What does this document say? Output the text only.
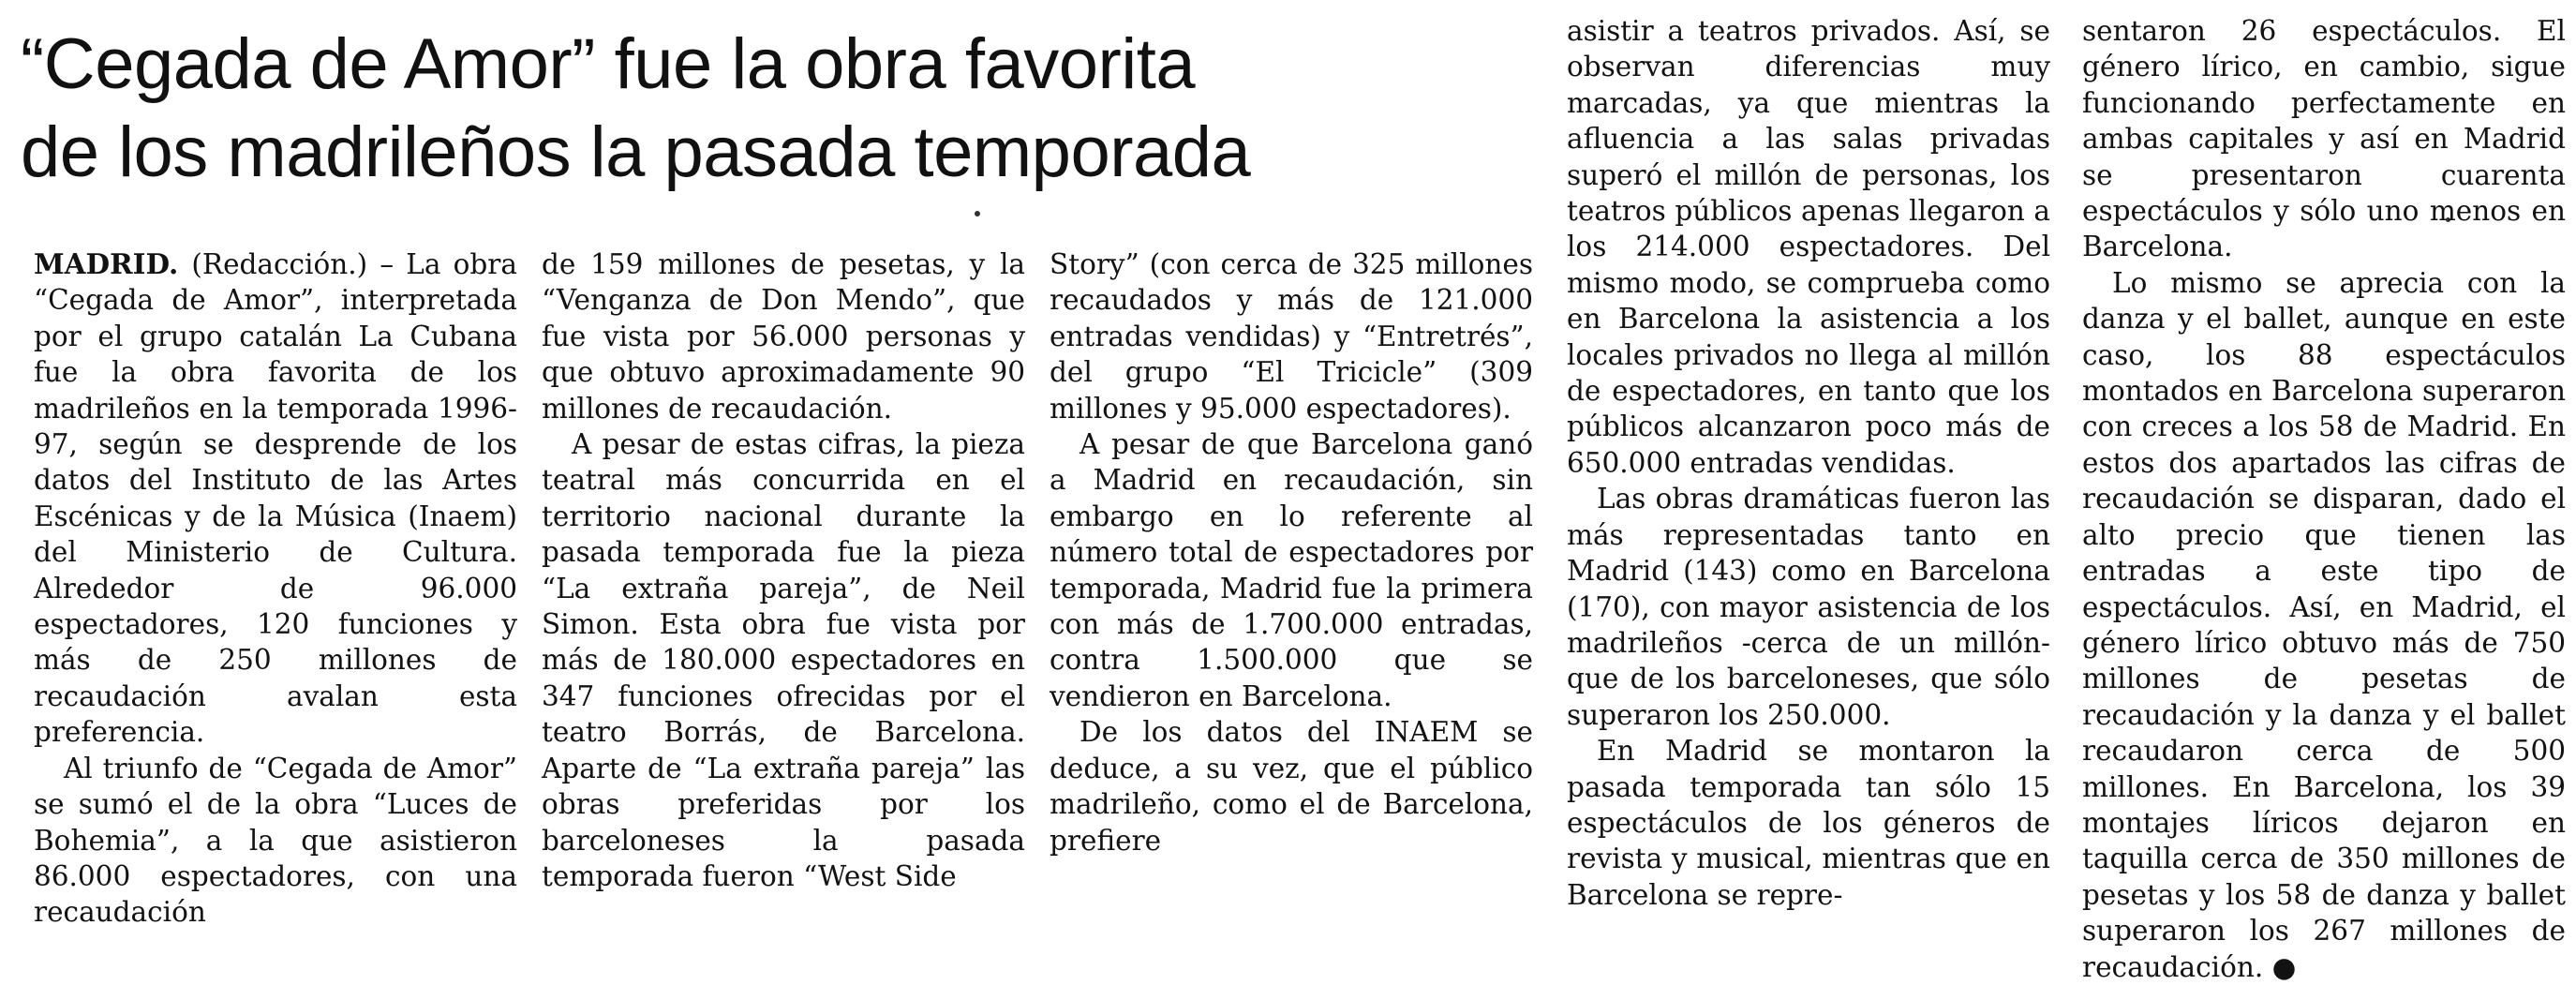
“Cegada de Amor” fue la obra favorita
de los madrileños la pasada temporada

MADRID. (Redacción.) – La obra “Cegada de Amor”, interpretada por el grupo catalán La Cubana fue la obra favorita de los madrileños en la temporada 1996-97, según se desprende de los datos del Instituto de las Artes Escénicas y de la Música (Inaem) del Ministerio de Cultura. Alrededor de 96.000 espectadores, 120 funciones y más de 250 millones de recaudación avalan esta preferencia.

Al triunfo de “Cegada de Amor” se sumó el de la obra “Luces de Bohemia”, a la que asistieron 86.000 espectadores, con una recaudación

de 159 millones de pesetas, y la “Venganza de Don Mendo”, que fue vista por 56.000 personas y que obtuvo aproximadamente 90 millones de recaudación.

A pesar de estas cifras, la pieza teatral más concurrida en el territorio nacional durante la pasada temporada fue la pieza “La extraña pareja”, de Neil Simon. Esta obra fue vista por más de 180.000 espectadores en 347 funciones ofrecidas por el teatro Borrás, de Barcelona. Aparte de “La extraña pareja” las obras preferidas por los barceloneses la pasada temporada fueron “West Side

Story” (con cerca de 325 millones recaudados y más de 121.000 entradas vendidas) y “Entretrés”, del grupo “El Tricicle” (309 millones y 95.000 espectadores).

A pesar de que Barcelona ganó a Madrid en recaudación, sin embargo en lo referente al número total de espectadores por temporada, Madrid fue la primera con más de 1.700.000 entradas, contra 1.500.000 que se vendieron en Barcelona.

De los datos del INAEM se deduce, a su vez, que el público madrileño, como el de Barcelona, prefiere

asistir a teatros privados. Así, se observan diferencias muy marcadas, ya que mientras la afluencia a las salas privadas superó el millón de personas, los teatros públicos apenas llegaron a los 214.000 espectadores. Del mismo modo, se comprueba como en Barcelona la asistencia a los locales privados no llega al millón de espectadores, en tanto que los públicos alcanzaron poco más de 650.000 entradas vendidas.

Las obras dramáticas fueron las más representadas tanto en Madrid (143) como en Barcelona (170), con mayor asistencia de los madrileños -cerca de un millón- que de los barceloneses, que sólo superaron los 250.000.

En Madrid se montaron la pasada temporada tan sólo 15 espectáculos de los géneros de revista y musical, mientras que en Barcelona se repre-

sentaron 26 espectáculos. El género lírico, en cambio, sigue funcionando perfectamente en ambas capitales y así en Madrid se presentaron cuarenta espectáculos y sólo uno menos en Barcelona.

Lo mismo se aprecia con la danza y el ballet, aunque en este caso, los 88 espectáculos montados en Barcelona superaron con creces a los 58 de Madrid. En estos dos apartados las cifras de recaudación se disparan, dado el alto precio que tienen las entradas a este tipo de espectáculos. Así, en Madrid, el género lírico obtuvo más de 750 millones de pesetas de recaudación y la danza y el ballet recaudaron cerca de 500 millones. En Barcelona, los 39 montajes líricos dejaron en taquilla cerca de 350 millones de pesetas y los 58 de danza y ballet superaron los 267 millones de recaudación. ●
